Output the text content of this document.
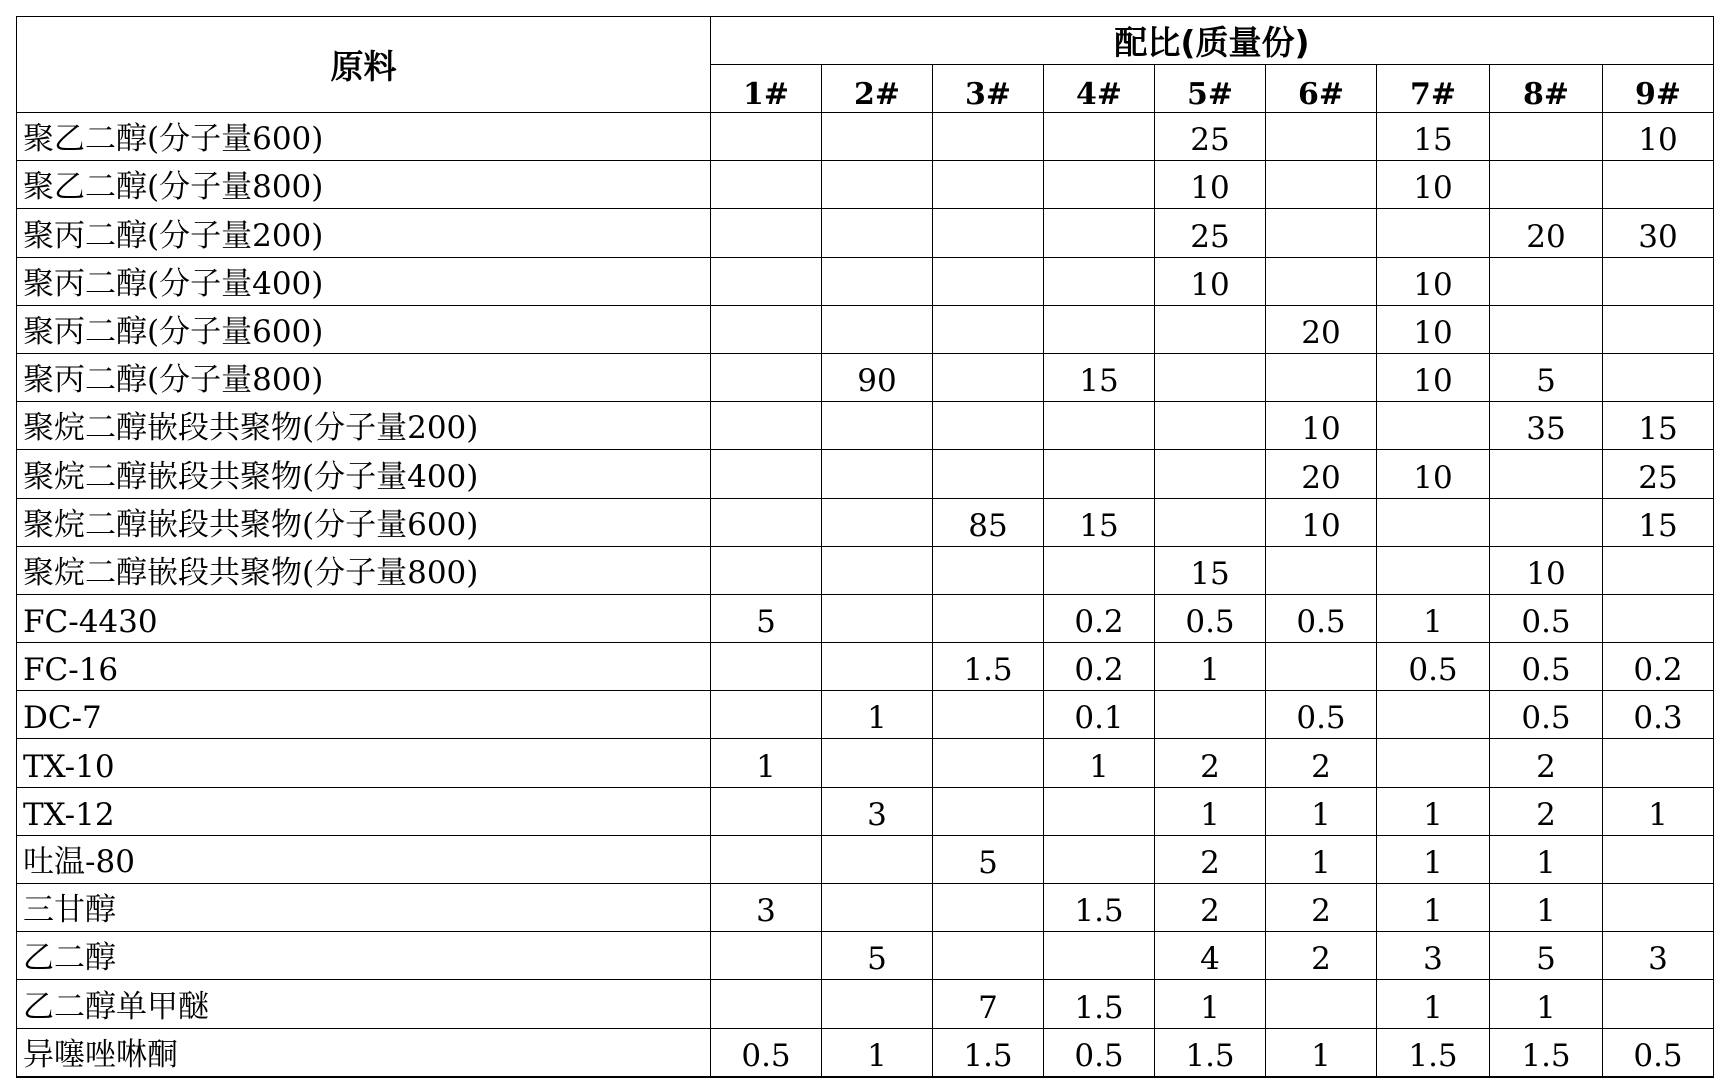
原料	配比(质量份)								
	1#	2#	3#	4#	5#	6#	7#	8#	9#
聚乙二醇(分子量600)					25		15		10
聚乙二醇(分子量800)					10		10		
聚丙二醇(分子量200)					25			20	30
聚丙二醇(分子量400)					10		10		
聚丙二醇(分子量600)						20	10		
聚丙二醇(分子量800)		90		15			10	5	
聚烷二醇嵌段共聚物(分子量200)						10		35	15
聚烷二醇嵌段共聚物(分子量400)						20	10		25
聚烷二醇嵌段共聚物(分子量600)			85	15		10			15
聚烷二醇嵌段共聚物(分子量800)					15			10	
FC-4430	5			0.2	0.5	0.5	1	0.5	
FC-16			1.5	0.2	1		0.5	0.5	0.2
DC-7		1		0.1		0.5		0.5	0.3
TX-10	1			1	2	2		2	
TX-12		3			1	1	1	2	1
吐温-80			5		2	1	1	1	
三甘醇	3			1.5	2	2	1	1	
乙二醇		5			4	2	3	5	3
乙二醇单甲醚			7	1.5	1		1	1	
异噻唑啉酮	0.5	1	1.5	0.5	1.5	1	1.5	1.5	0.5
